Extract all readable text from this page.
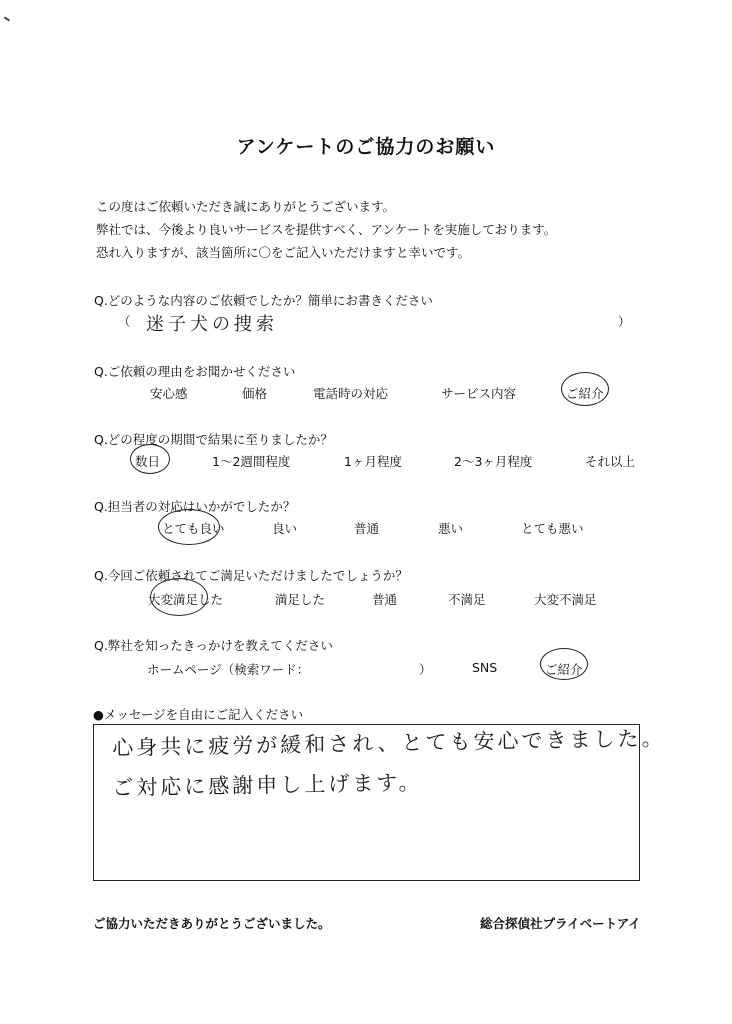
アンケートのご協力のお願い
この度はご依頼いただき誠にありがとうございます。
弊社では、今後より良いサービスを提供すべく、アンケートを実施しております。
恐れ入りますが、該当箇所に〇をご記入いただけますと幸いです。
Q.どのような内容のご依頼でしたか？簡単にお書きください
（ 迷子犬の捜索	）
Q.ご依頼の理由をお聞かせください
安心感	価格	電話時の対応	サービス内容	ご紹介
Q.どの程度の期間で結果に至りましたか？
数日	1～2週間程度	1ヶ月程度	2～3ヶ月程度	それ以上
Q.担当者の対応はいかがでしたか？
とても良い	良い	普通	悪い	とても悪い
Q.今回ご依頼されてご満足いただけましたでしょうか？
大変満足した	満足した	普通	不満足	大変不満足
Q.弊社を知ったきっかけを教えてください
ホームページ（検索ワード：	）	SNS	ご紹介
●メッセージを自由にご記入ください
心身共に疲労が緩和され、とても安心できました。
ご対応に感謝申し上げます。
ご協力いただきありがとうございました。	総合探偵社プライベートアイ
